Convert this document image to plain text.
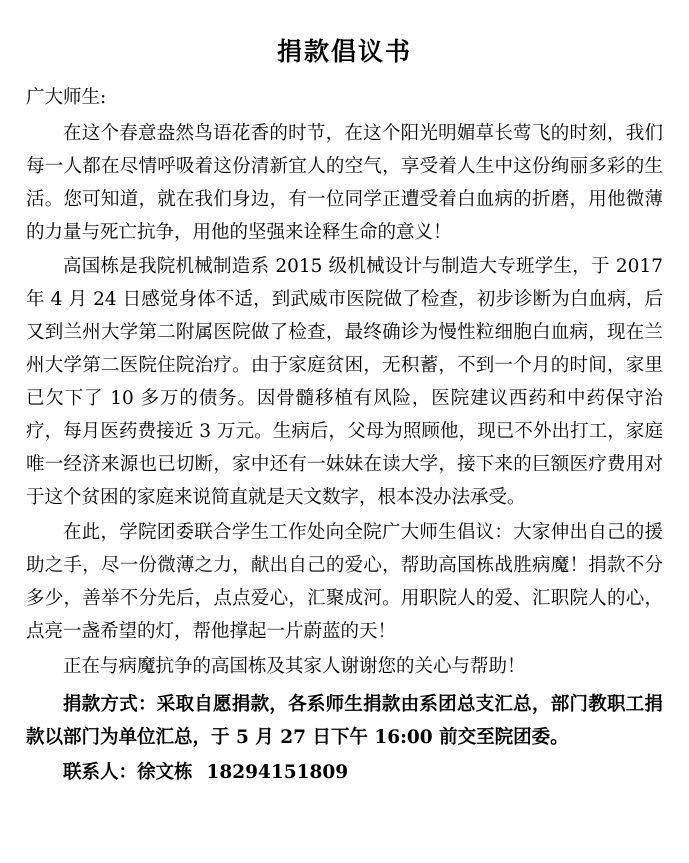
捐款倡议书
广大师生:

在这个春意盎然鸟语花香的时节，在这个阳光明媚草长莺飞的时刻，我们每一人都在尽情呼吸着这份清新宜人的空气，享受着人生中这份绚丽多彩的生活。您可知道，就在我们身边，有一位同学正遭受着白血病的折磨，用他微薄的力量与死亡抗争，用他的坚强来诠释生命的意义！

高国栋是我院机械制造系 2015 级机械设计与制造大专班学生，于 2017 年 4 月 24 日感觉身体不适，到武威市医院做了检查，初步诊断为白血病，后又到兰州大学第二附属医院做了检查，最终确诊为慢性粒细胞白血病，现在兰州大学第二医院住院治疗。由于家庭贫困，无积蓄，不到一个月的时间，家里已欠下了 10 多万的债务。因骨髓移植有风险，医院建议西药和中药保守治疗，每月医药费接近 3 万元。生病后，父母为照顾他，现已不外出打工，家庭唯一经济来源也已切断，家中还有一妹妹在读大学，接下来的巨额医疗费用对于这个贫困的家庭来说简直就是天文数字，根本没办法承受。

在此，学院团委联合学生工作处向全院广大师生倡议：大家伸出自己的援助之手，尽一份微薄之力，献出自己的爱心，帮助高国栋战胜病魔！捐款不分多少，善举不分先后，点点爱心，汇聚成河。用职院人的爱、汇职院人的心，点亮一盏希望的灯，帮他撑起一片蔚蓝的天！

正在与病魔抗争的高国栋及其家人谢谢您的关心与帮助！

捐款方式：采取自愿捐款，各系师生捐款由系团总支汇总，部门教职工捐款以部门为单位汇总，于 5 月 27 日下午 16:00 前交至院团委。

联系人：徐文栋 18294151809
